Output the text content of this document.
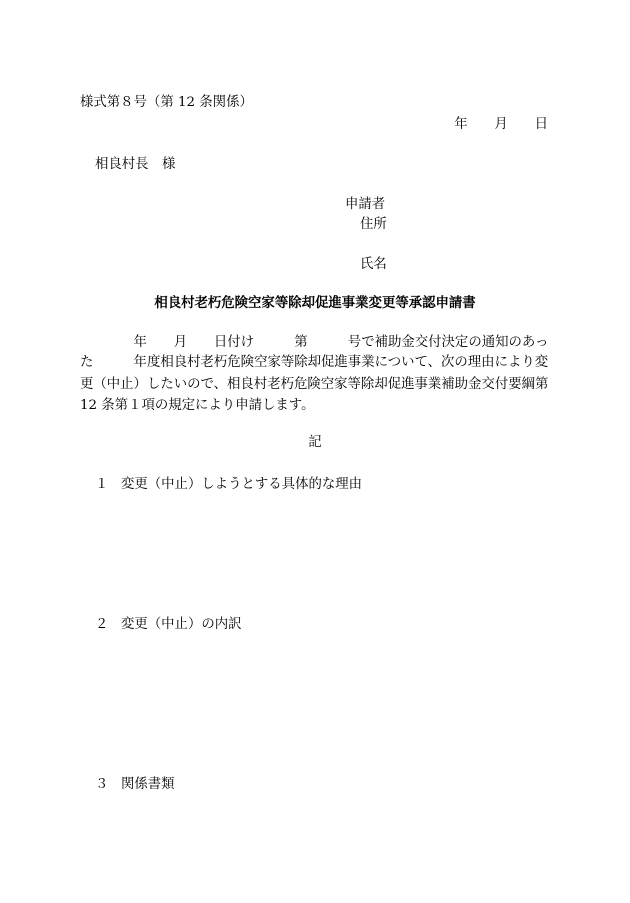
様式第８号（第 12 条関係）
年　　月　　日
相良村長　様
申請者
住所
氏名
相良村老朽危険空家等除却促進事業変更等承認申請書
　　　　年　　月　　日付け　　　第　　　号で補助金交付決定の通知のあっ
た　　　年度相良村老朽危険空家等除却促進事業について、次の理由により変
更（中止）したいので、相良村老朽危険空家等除却促進事業補助金交付要綱第
12 条第１項の規定により申請します。
記
１ 変更（中止）しようとする具体的な理由
２ 変更（中止）の内訳
３ 関係書類
